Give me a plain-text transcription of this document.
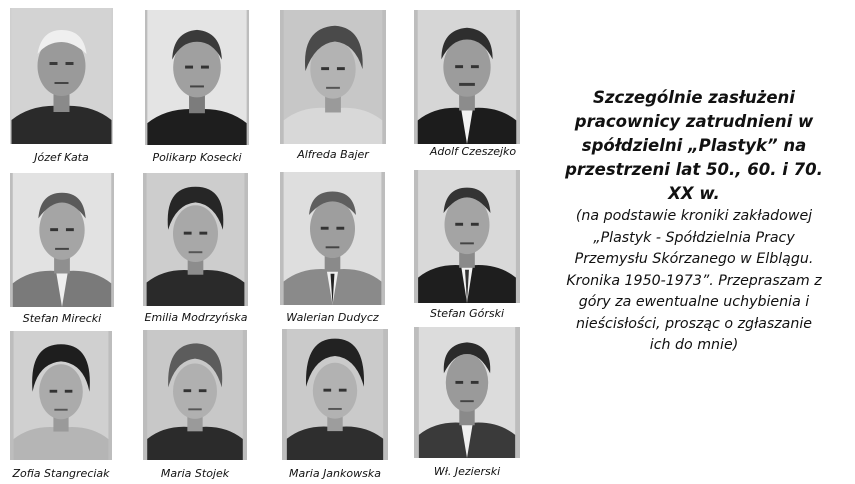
Józef Kata	Polikarp Kosecki	Alfreda Bajer	Adolf Czeszejko
Stefan Mirecki	Emilia Modrzyńska	Walerian Dudycz	Stefan Górski
Zofia Stangreciak	Maria Stojek	Maria Jankowska	Wł. Jezierski

Szczególnie zasłużeni
pracownicy zatrudnieni w
spółdzielni „Plastyk” na
przestrzeni lat 50., 60. i 70.
XX w.

(na podstawie kroniki zakładowej
„Plastyk - Spółdzielnia Pracy
Przemysłu Skórzanego w Elblągu.
Kronika 1950-1973”. Przepraszam z
góry za ewentualne uchybienia i
nieścisłości, prosząc o zgłaszanie
ich do mnie)
